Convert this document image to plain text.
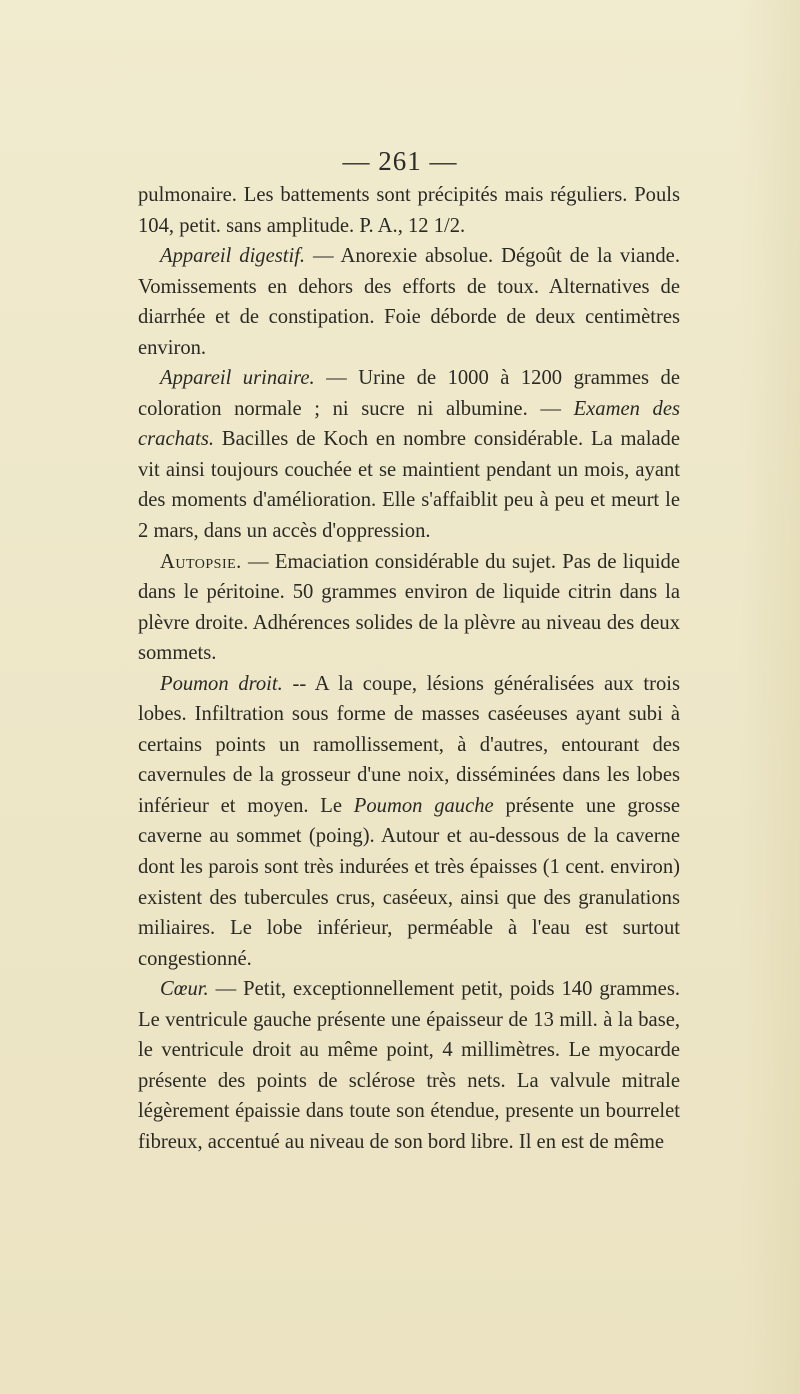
— 261 —

pulmonaire. Les battements sont précipités mais réguliers. Pouls 104, petit. sans amplitude. P. A., 12 1/2.

Appareil digestif. — Anorexie absolue. Dégoût de la viande. Vomissements en dehors des efforts de toux. Alternatives de diarrhée et de constipation. Foie déborde de deux centimètres environ.

Appareil urinaire. — Urine de 1000 à 1200 grammes de coloration normale ; ni sucre ni albumine. — Examen des crachats. Bacilles de Koch en nombre considérable. La malade vit ainsi toujours couchée et se maintient pendant un mois, ayant des moments d'amélioration. Elle s'affaiblit peu à peu et meurt le 2 mars, dans un accès d'oppression.

Autopsie. — Emaciation considérable du sujet. Pas de liquide dans le péritoine. 50 grammes environ de liquide citrin dans la plèvre droite. Adhérences solides de la plèvre au niveau des deux sommets.

Poumon droit. -- A la coupe, lésions généralisées aux trois lobes. Infiltration sous forme de masses caséeuses ayant subi à certains points un ramollissement, à d'autres, entourant des cavernules de la grosseur d'une noix, disséminées dans les lobes inférieur et moyen. Le Poumon gauche présente une grosse caverne au sommet (poing). Autour et au-dessous de la caverne dont les parois sont très indurées et très épaisses (1 cent. environ) existent des tubercules crus, caséeux, ainsi que des granulations miliaires. Le lobe inférieur, perméable à l'eau est surtout congestionné.

Cœur. — Petit, exceptionnellement petit, poids 140 grammes. Le ventricule gauche présente une épaisseur de 13 mill. à la base, le ventricule droit au même point, 4 millimètres. Le myocarde présente des points de sclérose très nets. La valvule mitrale légèrement épaissie dans toute son étendue, presente un bourrelet fibreux, accentué au niveau de son bord libre. Il en est de même
